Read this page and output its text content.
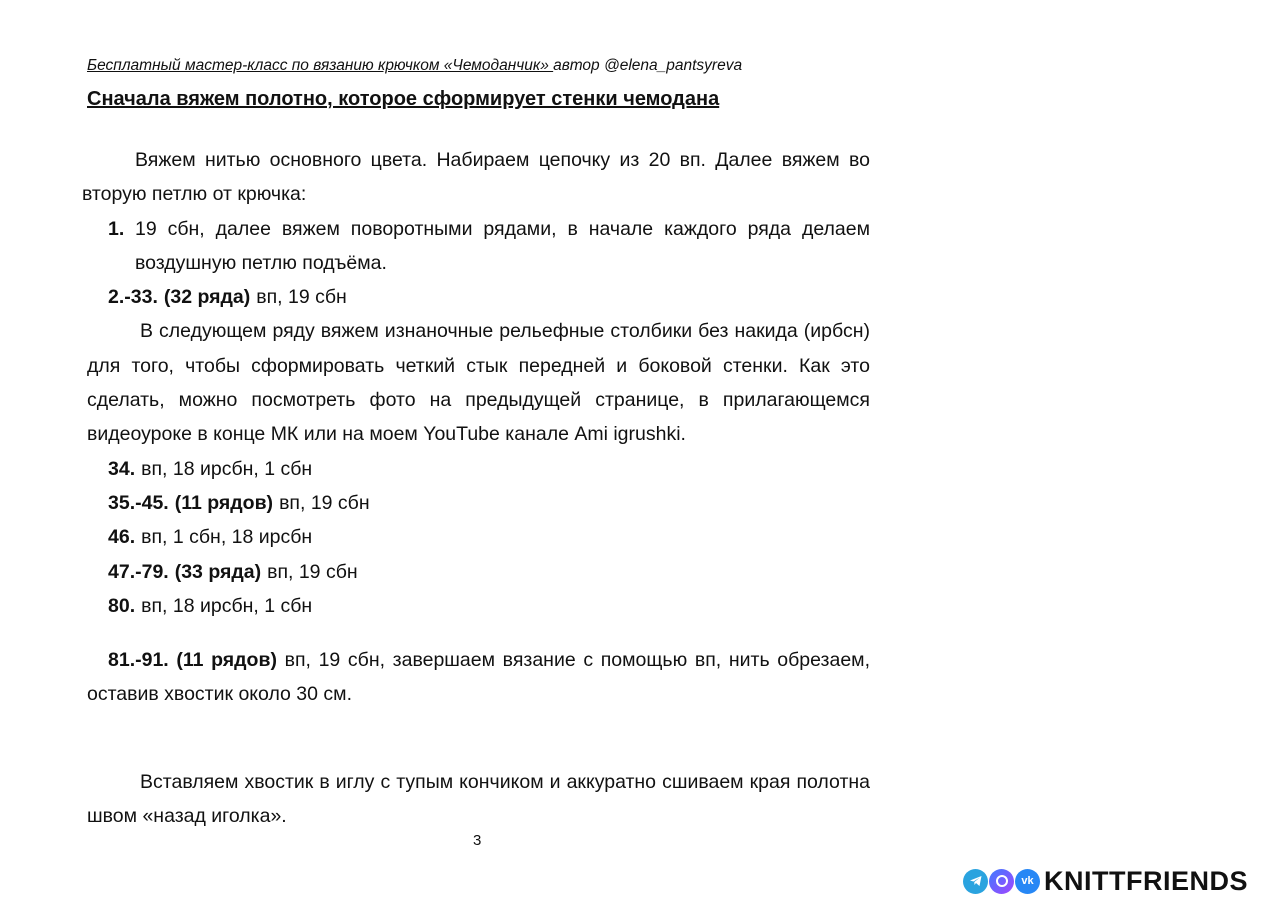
Бесплатный мастер-класс по вязанию крючком «Чемоданчик» автор @elena_pantsyreva
Сначала вяжем полотно, которое сформирует стенки чемодана

Вяжем нитью основного цвета. Набираем цепочку из 20 вп. Далее вяжем во вторую петлю от крючка:

1. 19 сбн, далее вяжем поворотными рядами, в начале каждого ряда делаем воздушную петлю подъёма.
2.-33. (32 ряда) вп, 19 сбн

В следующем ряду вяжем изнаночные рельефные столбики без накида (ирбсн) для того, чтобы сформировать четкий стык передней и боковой стенки. Как это сделать, можно посмотреть фото на предыдущей странице, в прилагающемся видеоуроке в конце МК или на моем YouTube канале Ami igrushki.

34. вп, 18 ирсбн, 1 сбн
35.-45. (11 рядов) вп, 19 сбн
46. вп, 1 сбн, 18 ирсбн
47.-79. (33 ряда) вп, 19 сбн
80. вп, 18 ирсбн, 1 сбн

81.-91. (11 рядов) вп, 19 сбн, завершаем вязание с помощью вп, нить обрезаем, оставив хвостик около 30 см.

Вставляем хвостик в иглу с тупым кончиком и аккуратно сшиваем края полотна швом «назад иголка».

3
vk KNITTFRIENDS
